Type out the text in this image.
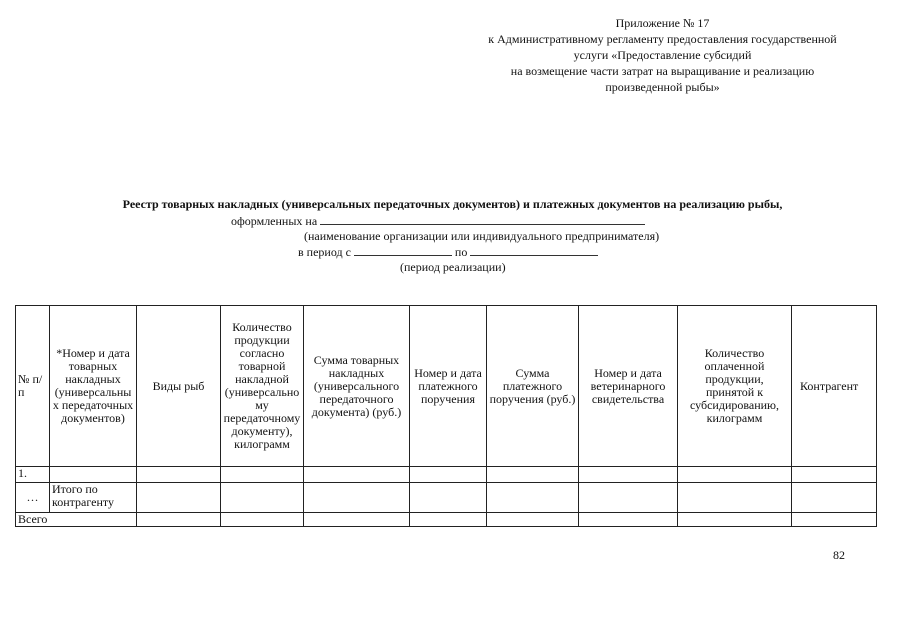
Приложение № 17
к Административному регламенту предоставления государственной
услуги «Предоставление субсидий
на возмещение части затрат на выращивание и реализацию
произведенной рыбы»
Реестр товарных накладных (универсальных передаточных документов) и платежных документов на реализацию рыбы,
оформленных на
(наименование организации или индивидуального предпринимателя)
в период с	по
(период реализации)
№ п/п	*Номер и дата товарных накладных (универсальных передаточных документов)	Виды рыб	Количество продукции согласно товарной накладной (универсальному передаточному документу), килограмм	Сумма товарных накладных (универсального передаточного документа) (руб.)	Номер и дата платежного поручения	Сумма платежного поручения (руб.)	Номер и дата ветеринарного свидетельства	Количество оплаченной продукции, принятой к субсидированию, килограмм	Контрагент
1.									
…	Итого по контрагенту								
Всего									
82
